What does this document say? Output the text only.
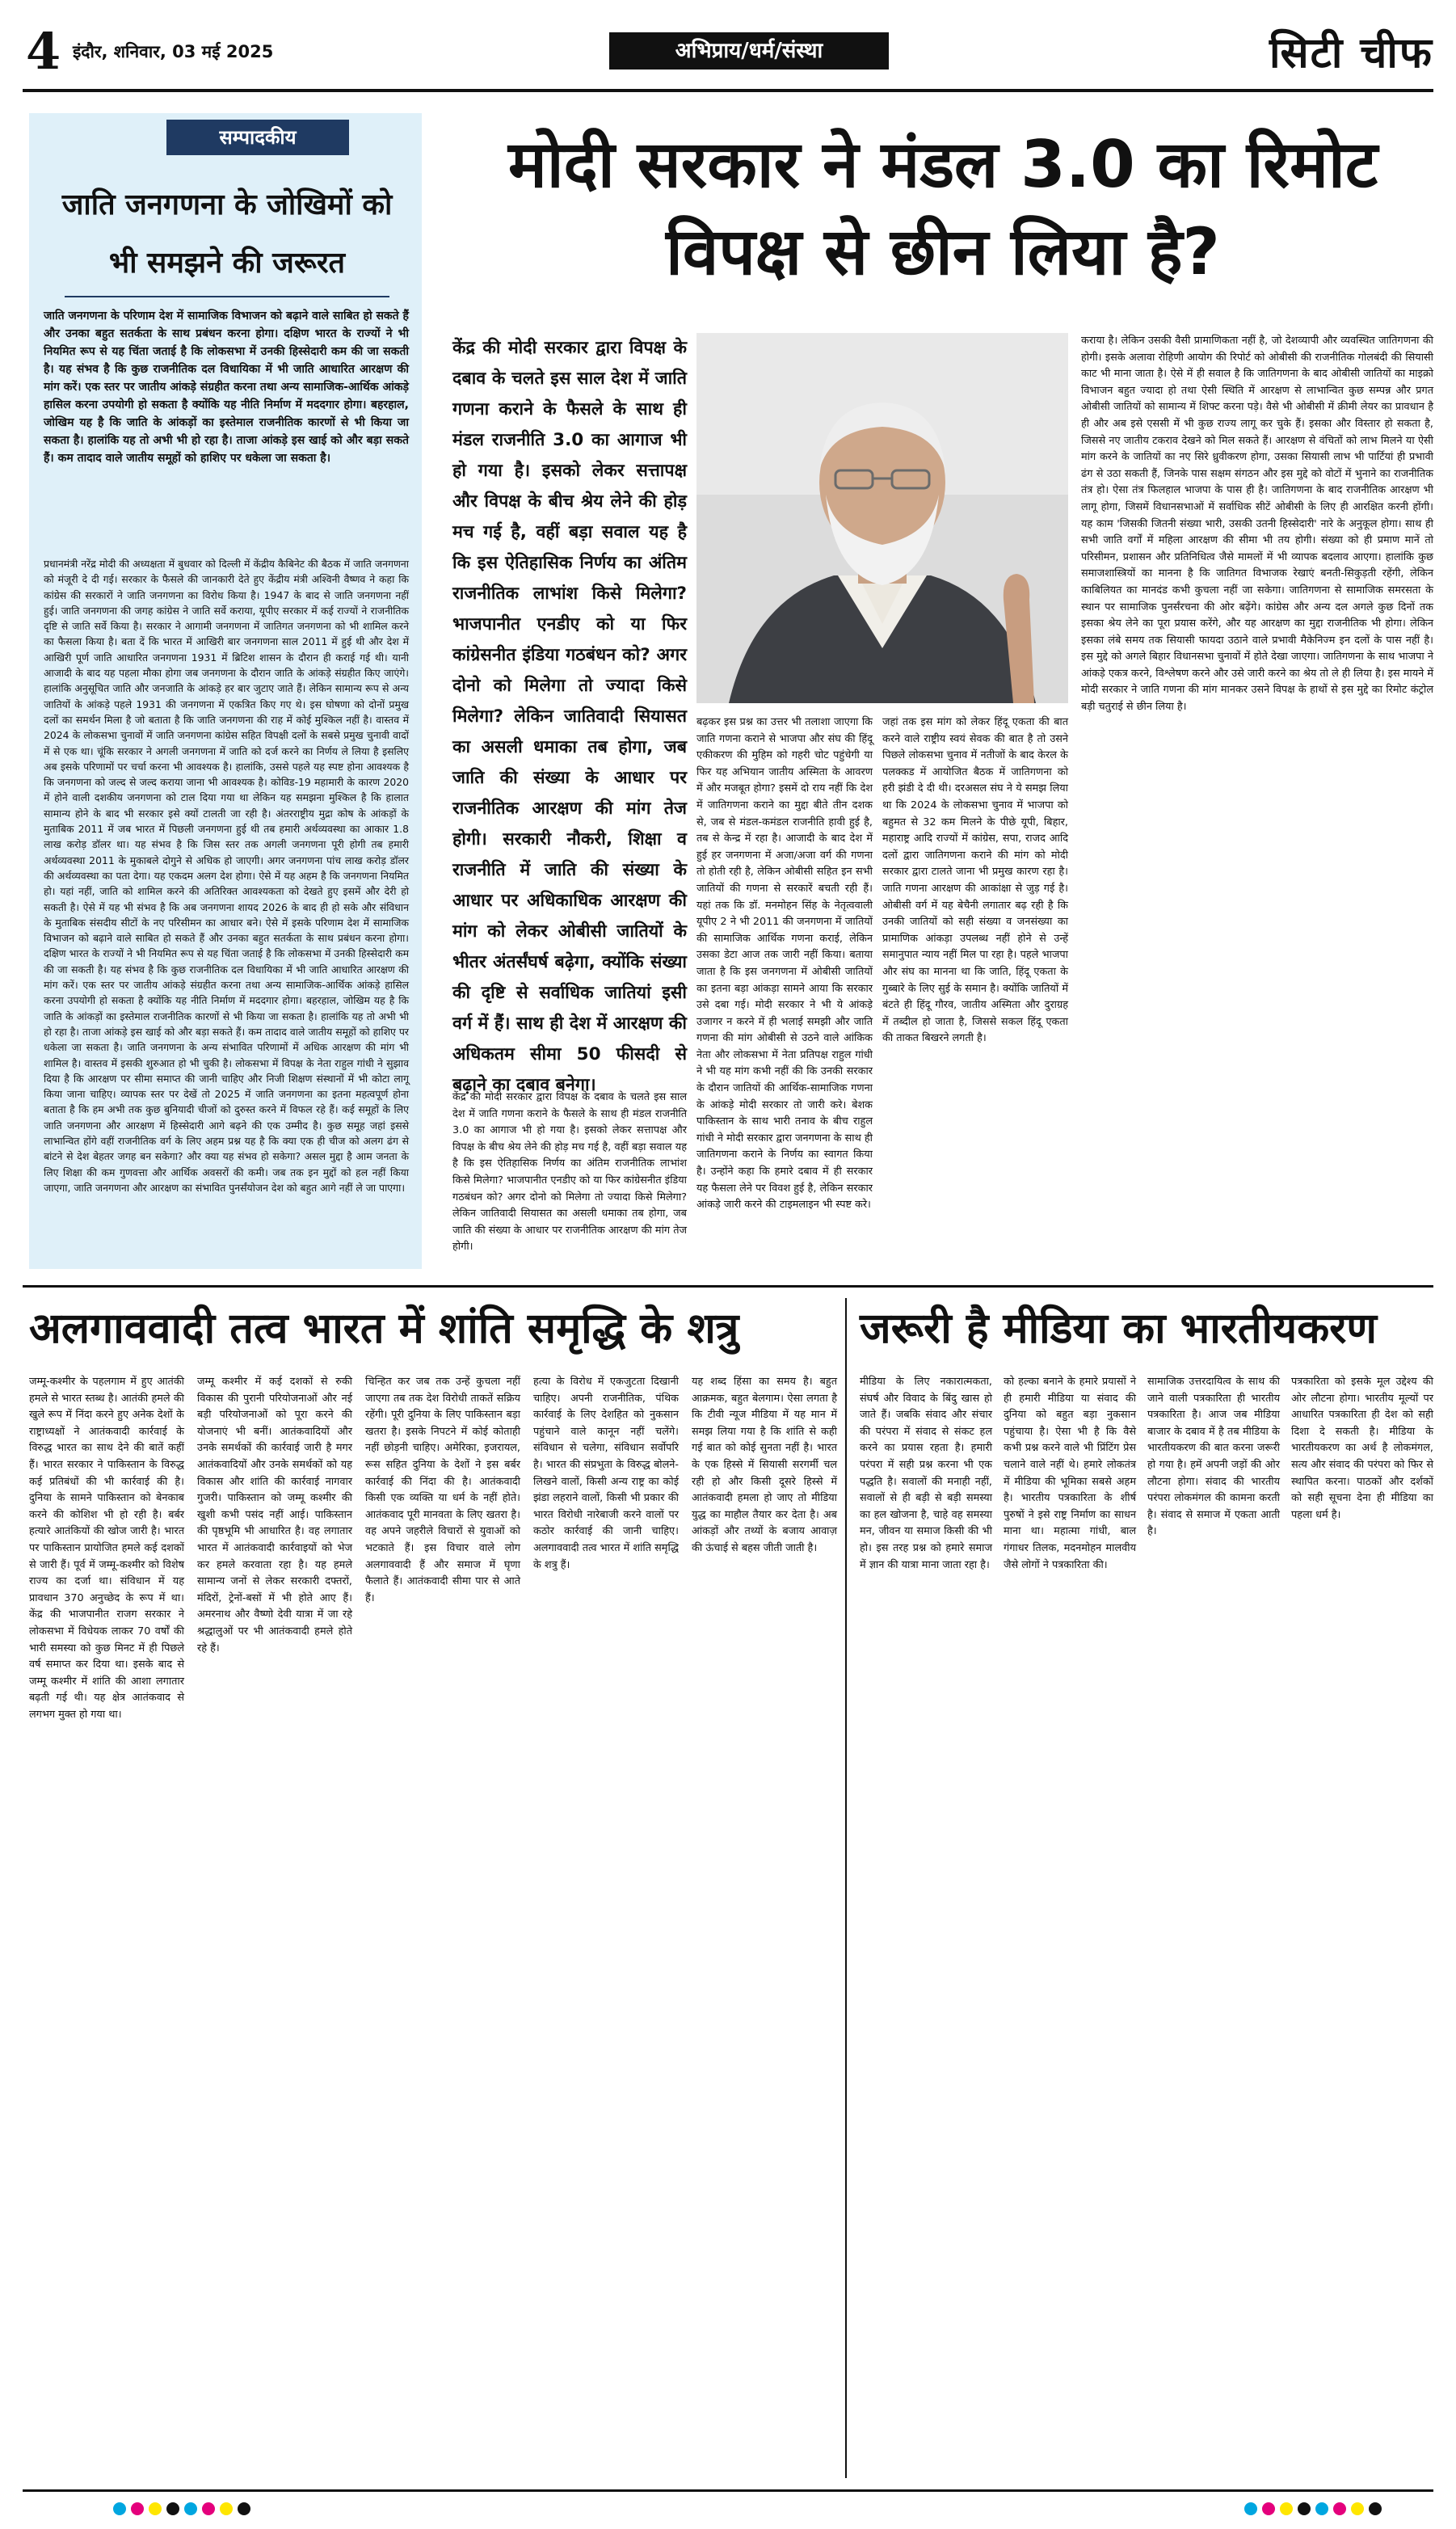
4 इंदौर, शनिवार, 03 मई 2025	अभिप्राय/धर्म/संस्था	सिटी चीफ
सम्पादकीय
जाति जनगणना के जोखिमों को भी समझने की जरूरत

जाति जनगणना के परिणाम देश में सामाजिक विभाजन को बढ़ाने वाले साबित हो सकते हैं और उनका बहुत सतर्कता के साथ प्रबंधन करना होगा। दक्षिण भारत के राज्यों ने भी नियमित रूप से यह चिंता जताई है कि लोकसभा में उनकी हिस्सेदारी कम की जा सकती है। यह संभव है कि कुछ राजनीतिक दल विधायिका में भी जाति आधारित आरक्षण की मांग करें। एक स्तर पर जातीय आंकड़े संग्रहीत करना तथा अन्य सामाजिक-आर्थिक आंकड़े हासिल करना उपयोगी हो सकता है क्योंकि यह नीति निर्माण में मददगार होगा। बहरहाल, जोखिम यह है कि जाति के आंकड़ों का इस्तेमाल राजनीतिक कारणों से भी किया जा सकता है। हालांकि यह तो अभी भी हो रहा है। ताजा आंकड़े इस खाई को और बड़ा सकते हैं। कम तादाद वाले जातीय समूहों को हाशिए पर धकेला जा सकता है।

प्रधानमंत्री नरेंद्र मोदी की अध्यक्षता में बुधवार को दिल्ली में केंद्रीय कैबिनेट की बैठक में जाति जनगणना को मंजूरी दे दी गई। सरकार के फैसले की जानकारी देते हुए केंद्रीय मंत्री अश्विनी वैष्णव ने कहा कि कांग्रेस की सरकारों ने जाति जनगणना का विरोध किया है। 1947 के बाद से जाति जनगणना नहीं हुई। जाति जनगणना की जगह कांग्रेस ने जाति सर्वे कराया, यूपीए सरकार में कई राज्यों ने राजनीतिक दृष्टि से जाति सर्वे किया है। सरकार ने आगामी जनगणना में जातिगत जनगणना को भी शामिल करने का फैसला किया है। बता दें कि भारत में आखिरी बार जनगणना साल 2011 में हुई थी और देश में आखिरी पूर्ण जाति आधारित जनगणना 1931 में ब्रिटिश शासन के दौरान ही कराई गई थी। यानी आजादी के बाद यह पहला मौका होगा जब जनगणना के दौरान जाति के आंकड़े संग्रहीत किए जाएंगे। हालांकि अनुसूचित जाति और जनजाति के आंकड़े हर बार जुटाए जाते हैं। लेकिन सामान्य रूप से अन्य जातियों के आंकड़े पहले 1931 की जनगणना में एकत्रित किए गए थे। इस घोषणा को दोनों प्रमुख दलों का समर्थन मिला है जो बताता है कि जाति जनगणना की राह में कोई मुश्किल नहीं है। वास्तव में 2024 के लोकसभा चुनावों में जाति जनगणना कांग्रेस सहित विपक्षी दलों के सबसे प्रमुख चुनावी वादों में से एक था। चूंकि सरकार ने अगली जनगणना में जाति को दर्ज करने का निर्णय ले लिया है इसलिए अब इसके परिणामों पर चर्चा करना भी आवश्यक है। हालांकि, उससे पहले यह स्पष्ट होना आवश्यक है कि जनगणना को जल्द से जल्द कराया जाना भी आवश्यक है। कोविड-19 महामारी के कारण 2020 में होने वाली दशकीय जनगणना को टाल दिया गया था लेकिन यह समझना मुश्किल है कि हालात सामान्य होने के बाद भी सरकार इसे क्यों टालती जा रही है। अंतरराष्ट्रीय मुद्रा कोष के आंकड़ों के मुताबिक 2011 में जब भारत में पिछली जनगणना हुई थी तब हमारी अर्थव्यवस्था का आकार 1.8 लाख करोड़ डॉलर था। यह संभव है कि जिस स्तर तक अगली जनगणना पूरी होगी तब हमारी अर्थव्यवस्था 2011 के मुकाबले दोगुने से अधिक हो जाएगी। अगर जनगणना पांच लाख करोड़ डॉलर की अर्थव्यवस्था का पता देगा। यह एकदम अलग देश होगा। ऐसे में यह अहम है कि जनगणना नियमित हो। यहां नहीं, जाति को शामिल करने की अतिरिक्त आवश्यकता को देखते हुए इसमें और देरी हो सकती है। ऐसे में यह भी संभव है कि अब जनगणना शायद 2026 के बाद ही हो सके और संविधान के मुताबिक संसदीय सीटों के नए परिसीमन का आधार बने। ऐसे में इसके परिणाम देश में सामाजिक विभाजन को बढ़ाने वाले साबित हो सकते हैं और उनका बहुत सतर्कता के साथ प्रबंधन करना होगा। दक्षिण भारत के राज्यों ने भी नियमित रूप से यह चिंता जताई है कि लोकसभा में उनकी हिस्सेदारी कम की जा सकती है। यह संभव है कि कुछ राजनीतिक दल विधायिका में भी जाति आधारित आरक्षण की मांग करें। एक स्तर पर जातीय आंकड़े संग्रहीत करना तथा अन्य सामाजिक-आर्थिक आंकड़े हासिल करना उपयोगी हो सकता है क्योंकि यह नीति निर्माण में मददगार होगा। बहरहाल, जोखिम यह है कि जाति के आंकड़ों का इस्तेमाल राजनीतिक कारणों से भी किया जा सकता है। हालांकि यह तो अभी भी हो रहा है। ताजा आंकड़े इस खाई को और बड़ा सकते हैं। कम तादाद वाले जातीय समूहों को हाशिए पर धकेला जा सकता है। जाति जनगणना के अन्य संभावित परिणामों में अधिक आरक्षण की मांग भी शामिल है। वास्तव में इसकी शुरुआत हो भी चुकी है। लोकसभा में विपक्ष के नेता राहुल गांधी ने सुझाव दिया है कि आरक्षण पर सीमा समाप्त की जानी चाहिए और निजी शिक्षण संस्थानों में भी कोटा लागू किया जाना चाहिए। व्यापक स्तर पर देखें तो 2025 में जाति जनगणना का इतना महत्वपूर्ण होना बताता है कि हम अभी तक कुछ बुनियादी चीजों को दुरुस्त करने में विफल रहे हैं। कई समूहों के लिए जाति जनगणना और आरक्षण में हिस्सेदारी आगे बढ़ने की एक उम्मीद है। कुछ समूह जहां इससे लाभान्वित होंगे वहीं राजनीतिक वर्ग के लिए अहम प्रश्न यह है कि क्या एक ही चीज को अलग ढंग से बांटने से देश बेहतर जगह बन सकेगा? और क्या यह संभव हो सकेगा? असल मुद्दा है आम जनता के लिए शिक्षा की कम गुणवत्ता और आर्थिक अवसरों की कमी। जब तक इन मुद्दों को हल नहीं किया जाएगा, जाति जनगणना और आरक्षण का संभावित पुनर्संयोजन देश को बहुत आगे नहीं ले जा पाएगा।

मोदी सरकार ने मंडल 3.0 का रिमोट विपक्ष से छीन लिया है?

केंद्र की मोदी सरकार द्वारा विपक्ष के दबाव के चलते इस साल देश में जाति गणना कराने के फैसले के साथ ही मंडल राजनीति 3.0 का आगाज भी हो गया है। इसको लेकर सत्तापक्ष और विपक्ष के बीच श्रेय लेने की होड़ मच गई है, वहीं बड़ा सवाल यह है कि इस ऐतिहासिक निर्णय का अंतिम राजनीतिक लाभांश किसे मिलेगा? भाजपानीत एनडीए को या फिर कांग्रेसनीत इंडिया गठबंधन को? अगर दोनो को मिलेगा तो ज्यादा किसे मिलेगा? लेकिन जातिवादी सियासत का असली धमाका तब होगा, जब जाति की संख्या के आधार पर राजनीतिक आरक्षण की मांग तेज होगी। सरकारी नौकरी, शिक्षा व राजनीति में जाति की संख्या के आधार पर अधिकाधिक आरक्षण की मांग को लेकर ओबीसी जातियों के भीतर अंतर्संघर्ष बढ़ेगा, क्योंकि संख्या की दृष्टि से सर्वाधिक जातियां इसी वर्ग में हैं। साथ ही देश में आरक्षण की अधिकतम सीमा 50 फीसदी से बढ़ाने का दबाव बनेगा।

केंद्र की मोदी सरकार द्वारा विपक्ष के दबाव के चलते इस साल देश में जाति गणना कराने के फैसले के साथ ही मंडल राजनीति 3.0 का आगाज भी हो गया है। इसको लेकर सत्तापक्ष और विपक्ष के बीच श्रेय लेने की होड़ मच गई है, वहीं बड़ा सवाल यह है कि इस ऐतिहासिक निर्णय का अंतिम राजनीतिक लाभांश किसे मिलेगा? भाजपानीत एनडीए को या फिर कांग्रेसनीत इंडिया गठबंधन को? अगर दोनो को मिलेगा तो ज्यादा किसे मिलेगा? लेकिन जातिवादी सियासत का असली धमाका तब होगा, जब जाति की संख्या के आधार पर राजनीतिक आरक्षण की मांग तेज होगी।

बढ़कर इस प्रश्न का उत्तर भी तलाशा जाएगा कि जाति गणना कराने से भाजपा और संघ की हिंदू एकीकरण की मुहिम को गहरी चोट पहुंचेगी या फिर यह अभियान जातीय अस्मिता के आवरण में और मजबूत होगा? इसमें दो राय नहीं कि देश में जातिगणना कराने का मुद्दा बीते तीन दशक से, जब से मंडल-कमंडल राजनीति हावी हुई है, तब से केन्द्र में रहा है। आजादी के बाद देश में हुई हर जनगणना में अजा/अजा वर्ग की गणना तो होती रही है, लेकिन ओबीसी सहित इन सभी जातियों की गणना से सरकारें बचती रही हैं। यहां तक कि डॉ. मनमोहन सिंह के नेतृत्ववाली यूपीए 2 ने भी 2011 की जनगणना में जातियों की सामाजिक आर्थिक गणना कराई, लेकिन उसका डेटा आज तक जारी नहीं किया। बताया जाता है कि इस जनगणना में ओबीसी जातियों का इतना बड़ा आंकड़ा सामने आया कि सरकार उसे दबा गई। मोदी सरकार ने भी ये आंकड़े उजागर न करने में ही भलाई समझी और जाति गणना की मांग ओबीसी से उठने वाले आंकिक नेता और लोकसभा में नेता प्रतिपक्ष राहुल गांधी ने भी यह मांग कभी नहीं की कि उनकी सरकार के दौरान जातियों की आर्थिक-सामाजिक गणना के आंकड़े मोदी सरकार तो जारी करे। बेशक पाकिस्तान के साथ भारी तनाव के बीच राहुल गांधी ने मोदी सरकार द्वारा जनगणना के साथ ही जातिगणना कराने के निर्णय का स्वागत किया है। उन्होंने कहा कि हमारे दबाव में ही सरकार यह फैसला लेने पर विवश हुई है, लेकिन सरकार आंकड़े जारी करने की टाइमलाइन भी स्पष्ट करे।

जहां तक इस मांग को लेकर हिंदू एकता की बात करने वाले राष्ट्रीय स्वयं सेवक की बात है तो उसने पिछले लोकसभा चुनाव में नतीजों के बाद केरल के पलक्कड में आयोजित बैठक में जातिगणना को हरी झंडी दे दी थी। दरअसल संघ ने ये समझ लिया था कि 2024 के लोकसभा चुनाव में भाजपा को बहुमत से 32 कम मिलने के पीछे यूपी, बिहार, महाराष्ट्र आदि राज्यों में कांग्रेस, सपा, राजद आदि दलों द्वारा जातिगणना कराने की मांग को मोदी सरकार द्वारा टालते जाना भी प्रमुख कारण रहा है। जाति गणना आरक्षण की आकांक्षा से जुड़ गई है। ओबीसी वर्ग में यह बेचैनी लगातार बढ़ रही है कि उनकी जातियों को सही संख्या व जनसंख्या का प्रामाणिक आंकड़ा उपलब्ध नहीं होने से उन्हें समानुपात न्याय नहीं मिल पा रहा है। पहले भाजपा और संघ का मानना था कि जाति, हिंदू एकता के गुब्बारे के लिए सुई के समान है। क्योंकि जातियों में बंटते ही हिंदू गौरव, जातीय अस्मिता और दुराग्रह में तब्दील हो जाता है, जिससे सकल हिंदू एकता की ताकत बिखरने लगती है।

कराया है। लेकिन उसकी वैसी प्रामाणिकता नहीं है, जो देशव्यापी और व्यवस्थित जातिगणना की होगी। इसके अलावा रोहिणी आयोग की रिपोर्ट को ओबीसी की राजनीतिक गोलबंदी की सियासी काट भी माना जाता है। ऐसे में ही सवाल है कि जातिगणना के बाद ओबीसी जातियों का माइक्रो विभाजन बहुत ज्यादा हो तथा ऐसी स्थिति में आरक्षण से लाभान्वित कुछ सम्पन्न और प्रगत ओबीसी जातियों को सामान्य में शिफ्ट करना पड़े। वैसे भी ओबीसी में क्रीमी लेयर का प्रावधान है ही और अब इसे एससी में भी कुछ राज्य लागू कर चुके हैं। इसका और विस्तार हो सकता है, जिससे नए जातीय टकराव देखने को मिल सकते हैं। आरक्षण से वंचितों को लाभ मिलने या ऐसी मांग करने के जातियों का नए सिरे ध्रुवीकरण होगा, उसका सियासी लाभ भी पार्टियां ही प्रभावी ढंग से उठा सकती हैं, जिनके पास सक्षम संगठन और इस मुद्दे को वोटों में भुनाने का राजनीतिक तंत्र हो। ऐसा तंत्र फिलहाल भाजपा के पास ही है। जातिगणना के बाद राजनीतिक आरक्षण भी लागू होगा, जिसमें विधानसभाओं में सर्वाधिक सीटें ओबीसी के लिए ही आरक्षित करनी होंगी। यह काम 'जिसकी जितनी संख्या भारी, उसकी उतनी हिस्सेदारी' नारे के अनुकूल होगा। साथ ही सभी जाति वर्गों में महिला आरक्षण की सीमा भी तय होगी। संख्या को ही प्रमाण मानें तो परिसीमन, प्रशासन और प्रतिनिधित्व जैसे मामलों में भी व्यापक बदलाव आएगा। हालांकि कुछ समाजशास्त्रियों का मानना है कि जातिगत विभाजक रेखाएं बनती-सिकुड़ती रहेंगी, लेकिन काबिलियत का मानदंड कभी कुचला नहीं जा सकेगा। जातिगणना से सामाजिक समरसता के स्थान पर सामाजिक पुनर्संरचना की ओर बढ़ेंगे। कांग्रेस और अन्य दल अगले कुछ दिनों तक इसका श्रेय लेने का पूरा प्रयास करेंगे, और यह आरक्षण का मुद्दा राजनीतिक भी होगा। लेकिन इसका लंबे समय तक सियासी फायदा उठाने वाले प्रभावी मैकेनिज्म इन दलों के पास नहीं है। इस मुद्दे को अगले बिहार विधानसभा चुनावों में होते देखा जाएगा। जातिगणना के साथ भाजपा ने आंकड़े एकत्र करने, विश्लेषण करने और उसे जारी करने का श्रेय तो ले ही लिया है। इस मायने में मोदी सरकार ने जाति गणना की मांग मानकर उसने विपक्ष के हाथों से इस मुद्दे का रिमोट कंट्रोल बड़ी चतुराई से छीन लिया है।

अलगाववादी तत्व भारत में शांति समृद्धि के शत्रु	जरूरी है मीडिया का भारतीयकरण

जम्मू-कश्मीर के पहलगाम में हुए आतंकी हमले से भारत स्तब्ध है। आतंकी हमले की खुले रूप में निंदा करने हुए अनेक देशों के राष्ट्राध्यक्षों ने आतंकवादी कार्रवाई के विरुद्ध भारत का साथ देने की बातें कहीं हैं। भारत सरकार ने पाकिस्तान के विरुद्ध कई प्रतिबंधों की भी कार्रवाई की है। दुनिया के सामने पाकिस्तान को बेनकाब करने की कोशिश भी हो रही है। बर्बर हत्यारे आतंकियों की खोज जारी है। भारत पर पाकिस्तान प्रायोजित हमले कई दशकों से जारी हैं। पूर्व में जम्मू-कश्मीर को विशेष राज्य का दर्जा था। संविधान में यह प्रावधान 370 अनुच्छेद के रूप में था। केंद्र की भाजपानीत राजग सरकार ने लोकसभा में विधेयक लाकर 70 वर्षों की भारी समस्या को कुछ मिनट में ही पिछले वर्ष समाप्त कर दिया था। इसके बाद से जम्मू कश्मीर में शांति की आशा लगातार बढ़ती गई थी। यह क्षेत्र आतंकवाद से लगभग मुक्त हो गया था।

जम्मू कश्मीर में कई दशकों से रुकी विकास की पुरानी परियोजनाओं और नई बड़ी परियोजनाओं को पूरा करने की योजनाएं भी बनीं। आतंकवादियों और उनके समर्थकों की कार्रवाई जारी है मगर आतंकवादियों और उनके समर्थकों को यह विकास और शांति की कार्रवाई नागवार गुजरी। पाकिस्तान को जम्मू कश्मीर की खुशी कभी पसंद नहीं आई। पाकिस्तान की पृष्ठभूमि भी आधारित है। वह लगातार भारत में आतंकवादी कार्रवाइयों को भेज कर हमले करवाता रहा है। यह हमले सामान्य जनों से लेकर सरकारी दफ्तरों, मंदिरों, ट्रेनों-बसों में भी होते आए हैं। अमरनाथ और वैष्णो देवी यात्रा में जा रहे श्रद्धालुओं पर भी आतंकवादी हमले होते रहे हैं।

चिन्हित कर जब तक उन्हें कुचला नहीं जाएगा तब तक देश विरोधी ताकतें सक्रिय रहेंगी। पूरी दुनिया के लिए पाकिस्तान बड़ा खतरा है। इसके निपटने में कोई कोताही नहीं छोड़नी चाहिए। अमेरिका, इजरायल, रूस सहित दुनिया के देशों ने इस बर्बर कार्रवाई की निंदा की है। आतंकवादी किसी एक व्यक्ति या धर्म के नहीं होते। आतंकवाद पूरी मानवता के लिए खतरा है। वह अपने जहरीले विचारों से युवाओं को भटकाते हैं। इस विचार वाले लोग अलगाववादी हैं और समाज में घृणा फैलाते हैं। आतंकवादी सीमा पार से आते हैं।

हत्या के विरोध में एकजुटता दिखानी चाहिए। अपनी राजनीतिक, पंथिक कार्रवाई के लिए देशहित को नुकसान पहुंचाने वाले कानून नहीं चलेंगे। संविधान से चलेगा, संविधान सर्वोपरि है। भारत की संप्रभुता के विरुद्ध बोलने-लिखने वालों, किसी अन्य राष्ट्र का कोई झंडा लहराने वालों, किसी भी प्रकार की भारत विरोधी नारेबाजी करने वालों पर कठोर कार्रवाई की जानी चाहिए। अलगाववादी तत्व भारत में शांति समृद्धि के शत्रु हैं।

यह शब्द हिंसा का समय है। बहुत आक्रमक, बहुत बेलगाम। ऐसा लगता है कि टीवी न्यूज मीडिया में यह मान में समझ लिया गया है कि शांति से कही गई बात को कोई सुनता नहीं है। भारत के एक हिस्से में सियासी सरगर्मी चल रही हो और किसी दूसरे हिस्से में आतंकवादी हमला हो जाए तो मीडिया युद्ध का माहौल तैयार कर देता है। अब आंकड़ों और तथ्यों के बजाय आवाज़ की ऊंचाई से बहस जीती जाती है।

मीडिया के लिए नकारात्मकता, संघर्ष और विवाद के बिंदु खास हो जाते हैं। जबकि संवाद और संचार की परंपरा में संवाद से संकट हल करने का प्रयास रहता है। हमारी परंपरा में सही प्रश्न करना भी एक पद्धति है। सवालों की मनाही नहीं, सवालों से ही बड़ी से बड़ी समस्या का हल खोजना है, चाहे वह समस्या मन, जीवन या समाज किसी की भी हो। इस तरह प्रश्न को हमारे समाज में ज्ञान की यात्रा माना जाता रहा है।

को हल्का बनाने के हमारे प्रयासों ने ही हमारी मीडिया या संवाद की दुनिया को बहुत बड़ा नुकसान पहुंचाया है। ऐसा भी है कि वैसे कभी प्रश्न करने वाले भी प्रिंटिंग प्रेस चलाने वाले नहीं थे। हमारे लोकतंत्र में मीडिया की भूमिका सबसे अहम है। भारतीय पत्रकारिता के शीर्ष पुरुषों ने इसे राष्ट्र निर्माण का साधन माना था। महात्मा गांधी, बाल गंगाधर तिलक, मदनमोहन मालवीय जैसे लोगों ने पत्रकारिता की।

सामाजिक उत्तरदायित्व के साथ की जाने वाली पत्रकारिता ही भारतीय पत्रकारिता है। आज जब मीडिया बाजार के दबाव में है तब मीडिया के भारतीयकरण की बात करना जरूरी हो गया है। हमें अपनी जड़ों की ओर लौटना होगा। संवाद की भारतीय परंपरा लोकमंगल की कामना करती है। संवाद से समाज में एकता आती है।

पत्रकारिता को इसके मूल उद्देश्य की ओर लौटना होगा। भारतीय मूल्यों पर आधारित पत्रकारिता ही देश को सही दिशा दे सकती है। मीडिया के भारतीयकरण का अर्थ है लोकमंगल, सत्य और संवाद की परंपरा को फिर से स्थापित करना। पाठकों और दर्शकों को सही सूचना देना ही मीडिया का पहला धर्म है।
